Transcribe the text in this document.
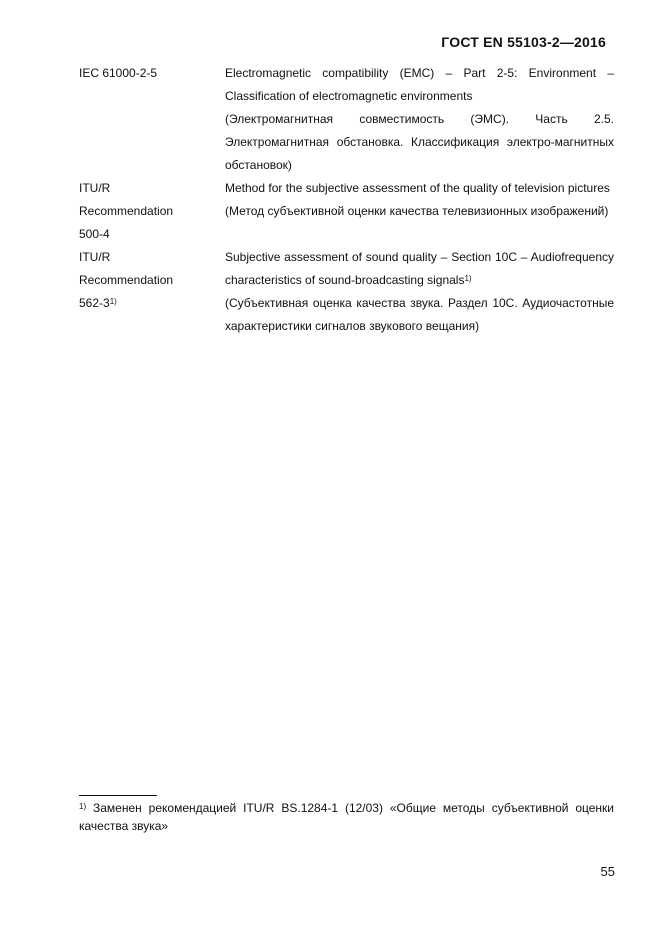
ГОСТ EN 55103-2—2016
IEC 61000-2-5	Electromagnetic compatibility (EMC) – Part 2-5: Environment – Classification of electromagnetic environments

(Электромагнитная совместимость (ЭМС). Часть 2.5. Электромагнитная обстановка. Классификация электро-магнитных обстановок)

ITU/R
Recommendation
500-4

Method for the subjective assessment of the quality of television pictures

(Метод субъективной оценки качества телевизионных изображений)

ITU/R
Recommendation
562-3$^{1)}$

Subjective assessment of sound quality – Section 10C – Audiofrequency characteristics of sound-broadcasting signals$^{1)}$

(Субъективная оценка качества звука. Раздел 10С. Аудиочастотные характеристики сигналов звукового вещания)

$^{1)}$ Заменен рекомендацией ITU/R BS.1284-1 (12/03) «Общие методы субъективной оценки качества звука»
55
